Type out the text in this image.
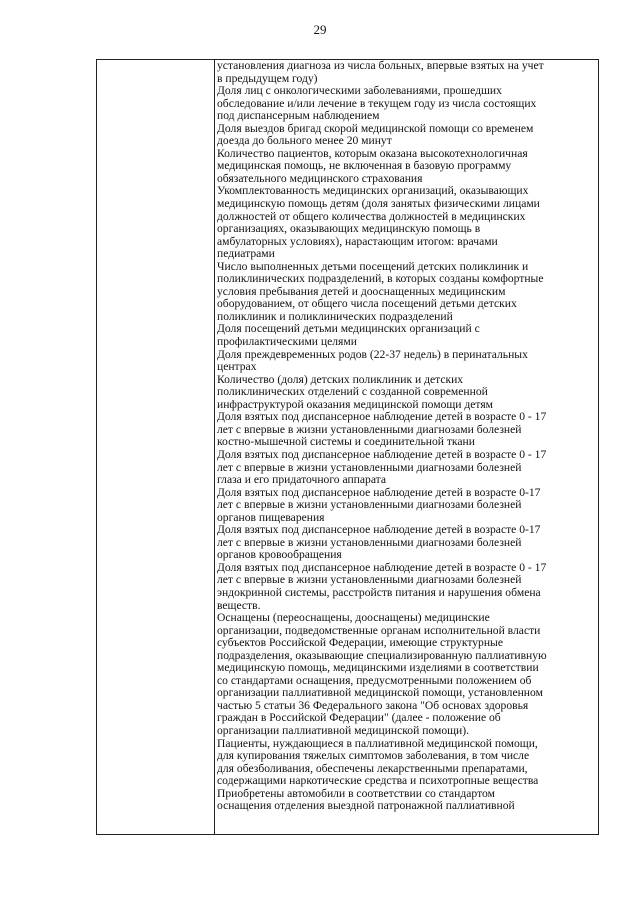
29

установления диагноза из числа больных, впервые взятых на учет
в предыдущем году)

Доля лиц с онкологическими заболеваниями, прошедших
обследование и/или лечение в текущем году из числа состоящих
под диспансерным наблюдением

Доля выездов бригад скорой медицинской помощи со временем
доезда до больного менее 20 минут

Количество пациентов, которым оказана высокотехнологичная
медицинская помощь, не включенная в базовую программу
обязательного медицинского страхования

Укомплектованность медицинских организаций, оказывающих
медицинскую помощь детям (доля занятых физическими лицами
должностей от общего количества должностей в медицинских
организациях, оказывающих медицинскую помощь в
амбулаторных условиях), нарастающим итогом: врачами
педиатрами

Число выполненных детьми посещений детских поликлиник и
поликлинических подразделений, в которых созданы комфортные
условия пребывания детей и дооснащенных медицинским
оборудованием, от общего числа посещений детьми детских
поликлиник и поликлинических подразделений

Доля посещений детьми медицинских организаций с
профилактическими целями

Доля преждевременных родов (22-37 недель) в перинатальных
центрах

Количество (доля) детских поликлиник и детских
поликлинических отделений с созданной современной
инфраструктурой оказания медицинской помощи детям

Доля взятых под диспансерное наблюдение детей в возрасте 0 - 17
лет с впервые в жизни установленными диагнозами болезней
костно-мышечной системы и соединительной ткани

Доля взятых под диспансерное наблюдение детей в возрасте 0 - 17
лет с впервые в жизни установленными диагнозами болезней
глаза и его придаточного аппарата

Доля взятых под диспансерное наблюдение детей в возрасте 0-17
лет с впервые в жизни установленными диагнозами болезней
органов пищеварения

Доля взятых под диспансерное наблюдение детей в возрасте 0-17
лет с впервые в жизни установленными диагнозами болезней
органов кровообращения

Доля взятых под диспансерное наблюдение детей в возрасте 0 - 17
лет с впервые в жизни установленными диагнозами болезней
эндокринной системы, расстройств питания и нарушения обмена
веществ.

Оснащены (переоснащены, дооснащены) медицинские
организации, подведомственные органам исполнительной власти
субъектов Российской Федерации, имеющие структурные
подразделения, оказывающие специализированную паллиативную
медицинскую помощь, медицинскими изделиями в соответствии
со стандартами оснащения, предусмотренными положением об
организации паллиативной медицинской помощи, установленном
частью 5 статьи 36 Федерального закона "Об основах здоровья
граждан в Российской Федерации" (далее - положение об
организации паллиативной медицинской помощи).

Пациенты, нуждающиеся в паллиативной медицинской помощи,
для купирования тяжелых симптомов заболевания, в том числе
для обезболивания, обеспечены лекарственными препаратами,
содержащими наркотические средства и психотропные вещества

Приобретены автомобили в соответствии со стандартом
оснащения отделения выездной патронажной паллиативной
